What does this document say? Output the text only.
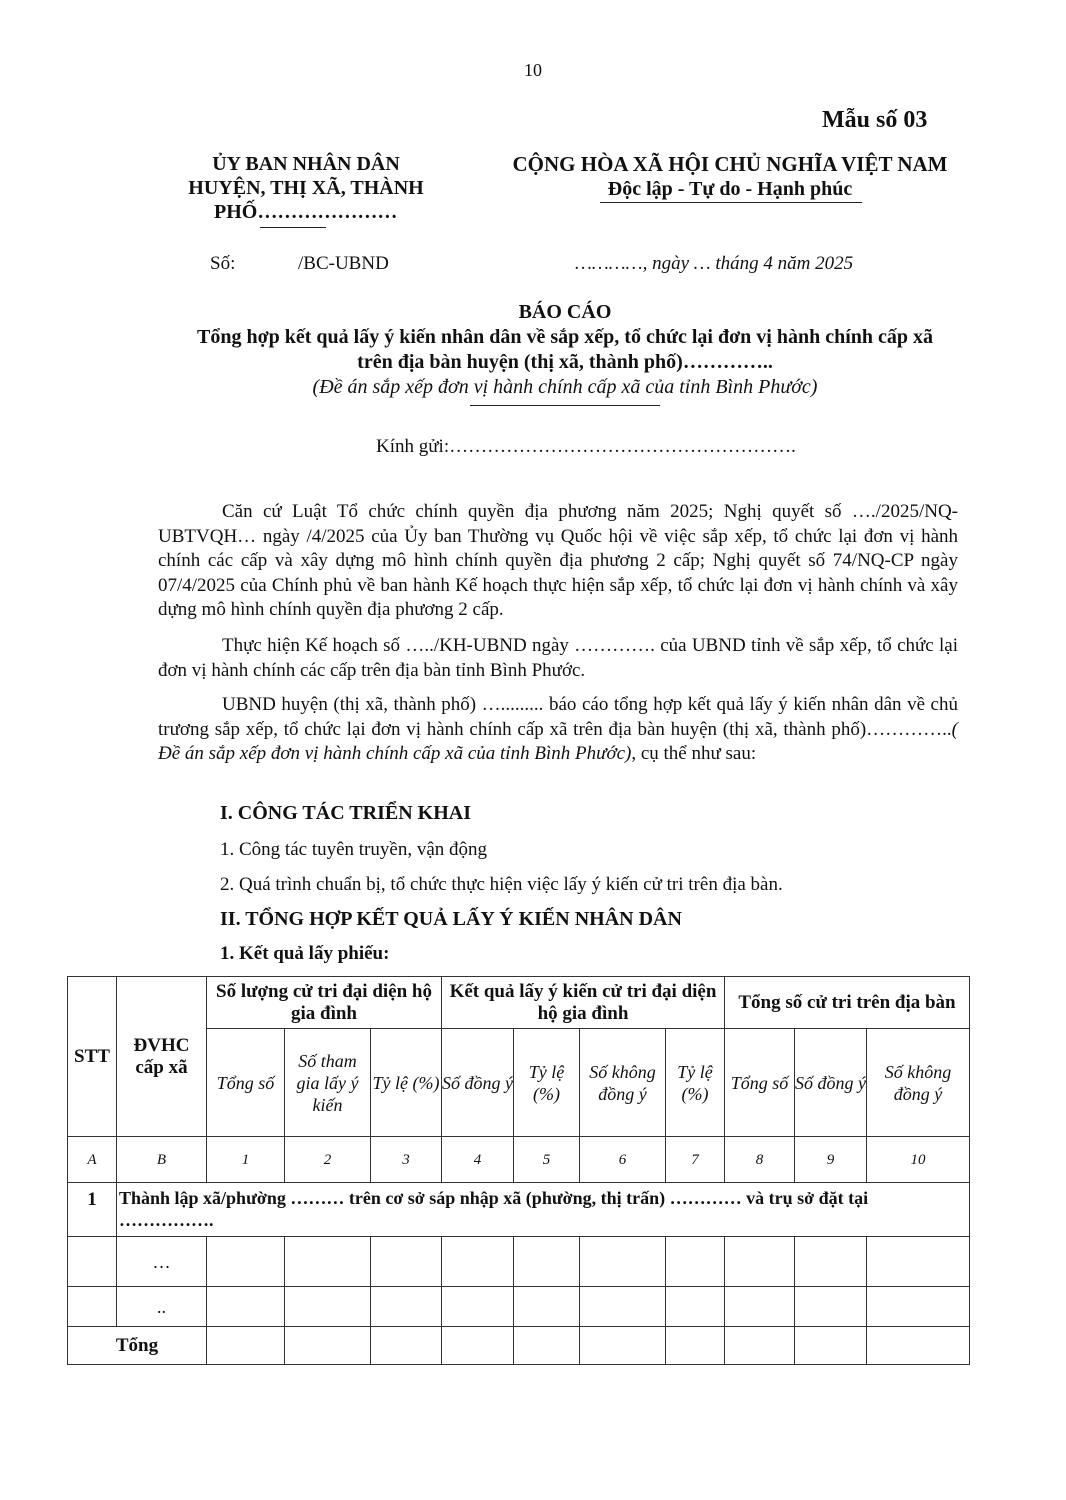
10
Mẫu số 03
ỦY BAN NHÂN DÂN
HUYỆN, THỊ XÃ, THÀNH
PHỐ…………………
CỘNG HÒA XÃ HỘI CHỦ NGHĨA VIỆT NAM
Độc lập - Tự do - Hạnh phúc
Số:	/BC-UBND	…………, ngày … tháng 4 năm 2025
BÁO CÁO
Tổng hợp kết quả lấy ý kiến nhân dân về sắp xếp, tổ chức lại đơn vị hành chính cấp xã
trên địa bàn huyện (thị xã, thành phố)…………..
(Đề án sắp xếp đơn vị hành chính cấp xã của tỉnh Bình Phước)
Kính gửi:……………………………………………….
Căn cứ Luật Tổ chức chính quyền địa phương năm 2025; Nghị quyết số …./2025/NQ-UBTVQH… ngày /4/2025 của Ủy ban Thường vụ Quốc hội về việc sắp xếp, tổ chức lại đơn vị hành chính các cấp và xây dựng mô hình chính quyền địa phương 2 cấp; Nghị quyết số 74/NQ-CP ngày 07/4/2025 của Chính phủ về ban hành Kế hoạch thực hiện sắp xếp, tổ chức lại đơn vị hành chính và xây dựng mô hình chính quyền địa phương 2 cấp.
Thực hiện Kế hoạch số …../KH-UBND ngày …………. của UBND tỉnh về sắp xếp, tổ chức lại đơn vị hành chính các cấp trên địa bàn tỉnh Bình Phước.
UBND huyện (thị xã, thành phố) …......... báo cáo tổng hợp kết quả lấy ý kiến nhân dân về chủ trương sắp xếp, tổ chức lại đơn vị hành chính cấp xã trên địa bàn huyện (thị xã, thành phố)…………..( Đề án sắp xếp đơn vị hành chính cấp xã của tỉnh Bình Phước), cụ thể như sau:
I. CÔNG TÁC TRIỂN KHAI
1. Công tác tuyên truyền, vận động
2. Quá trình chuẩn bị, tổ chức thực hiện việc lấy ý kiến cử tri trên địa bàn.
II. TỔNG HỢP KẾT QUẢ LẤY Ý KIẾN NHÂN DÂN
1. Kết quả lấy phiếu:
STT	ĐVHC cấp xã	Số lượng cử tri đại diện hộ gia đình			Kết quả lấy ý kiến cử tri đại diện hộ gia đình				Tổng số cử tri trên địa bàn		
		Tổng số	Số tham gia lấy ý kiến	Tỷ lệ (%)	Số đồng ý	Tỷ lệ (%)	Số không đồng ý	Tỷ lệ (%)	Tổng số	Số đồng ý	Số không đồng ý
A	B	1	2	3	4	5	6	7	8	9	10
1	Thành lập xã/phường ……… trên cơ sở sáp nhập xã (phường, thị trấn) ………… và trụ sở đặt tại …………….										
	…										
	..										
Tổng											
